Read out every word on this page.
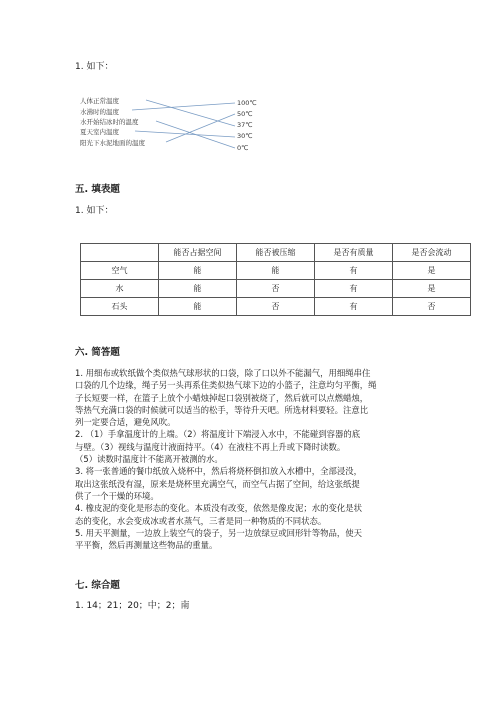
1. 如下：
人体正常温度
水沸时的温度
水开始结冰时的温度
夏天室内温度
阳光下水泥地面的温度
100℃
50℃
37℃
30℃
0℃
五. 填表题
1. 如下：
	能否占据空间	能否被压缩	是否有质量	是否会流动
空气	能	能	有	是
水	能	否	有	是
石头	能	否	有	否
六. 简答题
1. 用细布或软纸做个类似热气球形状的口袋，除了口以外不能漏气，用细绳串住
口袋的几个边缘，绳子另一头再系住类似热气球下边的小篮子，注意均匀平衡，绳
子长短要一样，在篮子上放个小蜡烛掉起口袋别被烧了，然后就可以点燃蜡烛，
等热气充满口袋的时候就可以适当的松手，等待升天吧。所选材料要轻。注意比
列一定要合适，避免风吹。
2. （1）手拿温度计的上端。（2）将温度计下端浸入水中，不能碰到容器的底
与壁。（3）视线与温度计液面持平。（4）在液柱不再上升或下降时读数。
（5）读数时温度计不能离开被测的水。
3. 将一张普通的餐巾纸放入烧杯中，然后将烧杯倒扣放入水槽中，全部浸没，
取出这张纸没有湿，原来是烧杯里充满空气，而空气占据了空间，给这张纸提
供了一个干燥的环境。
4. 橡皮泥的变化是形态的变化。本质没有改变，依然是像皮泥；水的变化是状
态的变化，水会变成冰或者水蒸气，三者是同一种物质的不同状态。
5. 用天平测量，一边放上装空气的袋子，另一边放绿豆或回形针等物品，使天
平平衡，然后再测量这些物品的重量。
七. 综合题
1. 14；21；20；中；2；南
